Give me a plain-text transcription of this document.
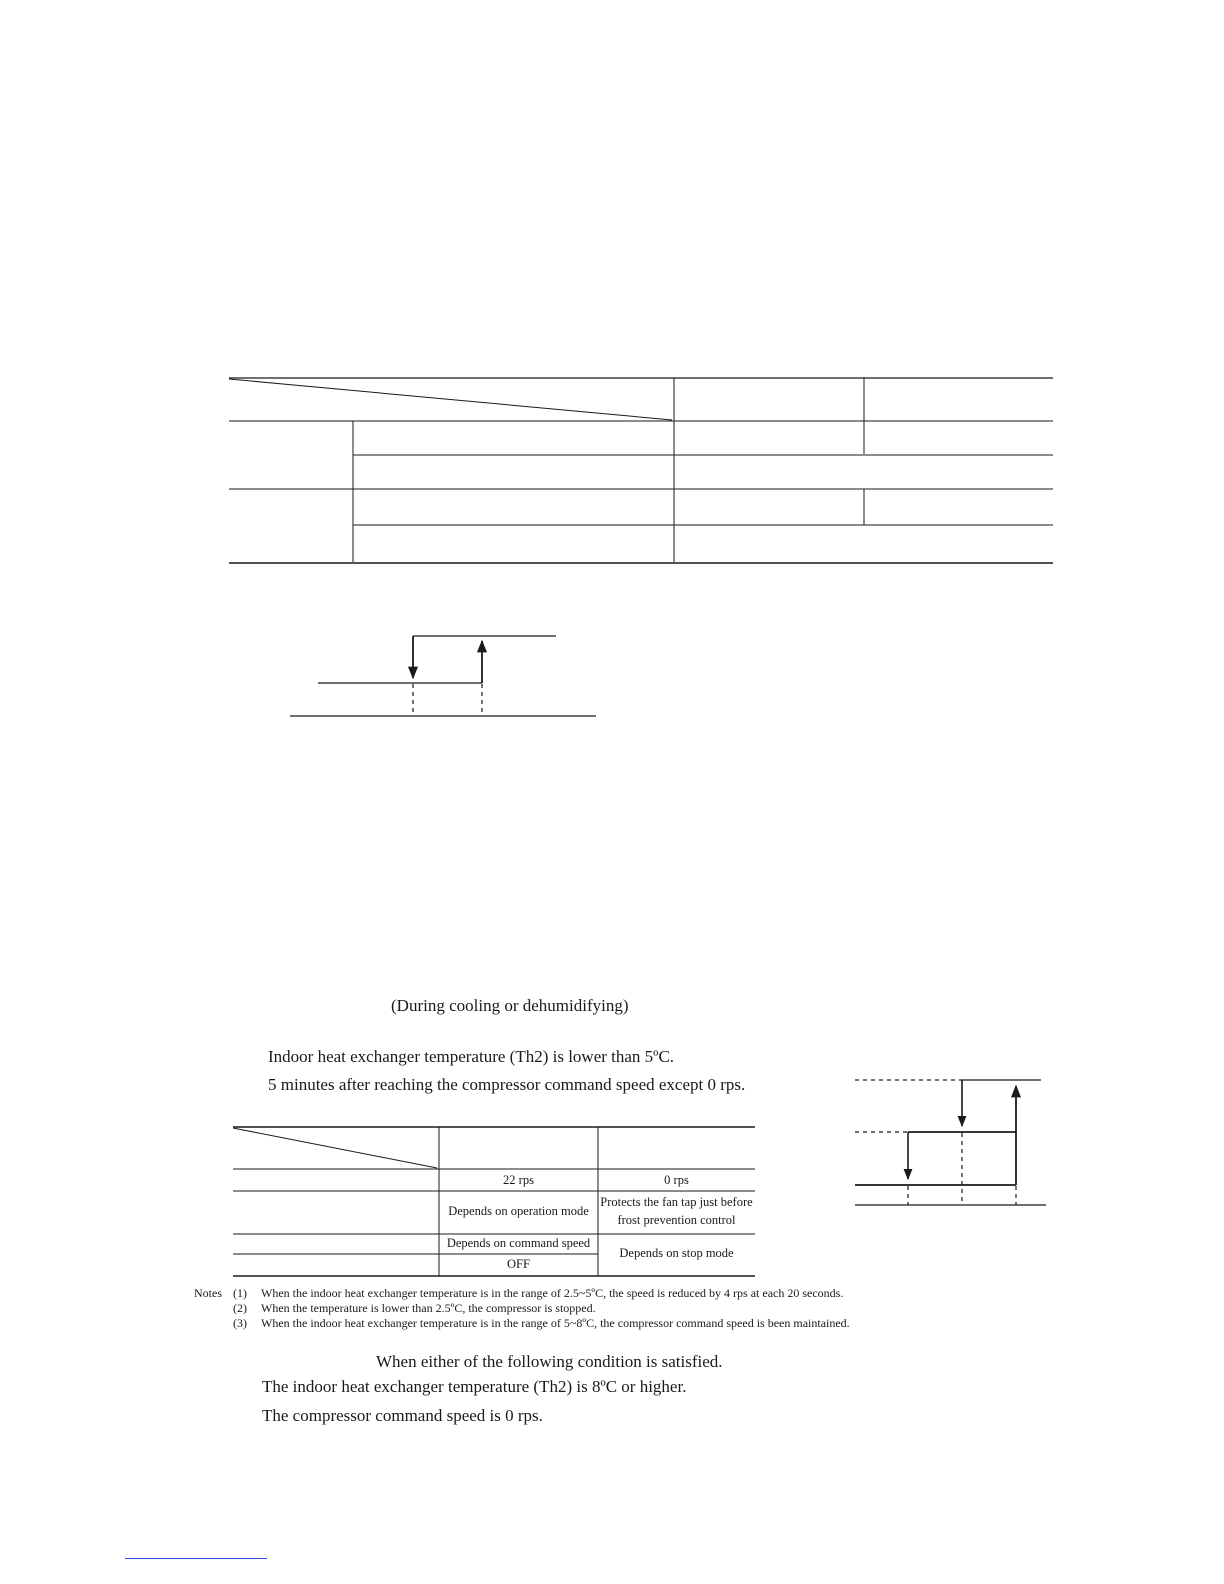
(During cooling or dehumidifying)
Indoor heat exchanger temperature (Th2) is lower than 5ºC.
5 minutes after reaching the compressor command speed except 0 rps.
22 rps	0 rps
Depends on operation mode
Protects the fan tap just before
frost prevention control
Depends on command speed
Depends on stop mode
OFF
Notes (1) When the indoor heat exchanger temperature is in the range of 2.5~5ºC, the speed is reduced by 4 rps at each 20 seconds.
(2) When the temperature is lower than 2.5ºC, the compressor is stopped.
(3) When the indoor heat exchanger temperature is in the range of 5~8ºC, the compressor command speed is been maintained.
When either of the following condition is satisfied.
The indoor heat exchanger temperature (Th2) is 8ºC or higher.
The compressor command speed is 0 rps.
